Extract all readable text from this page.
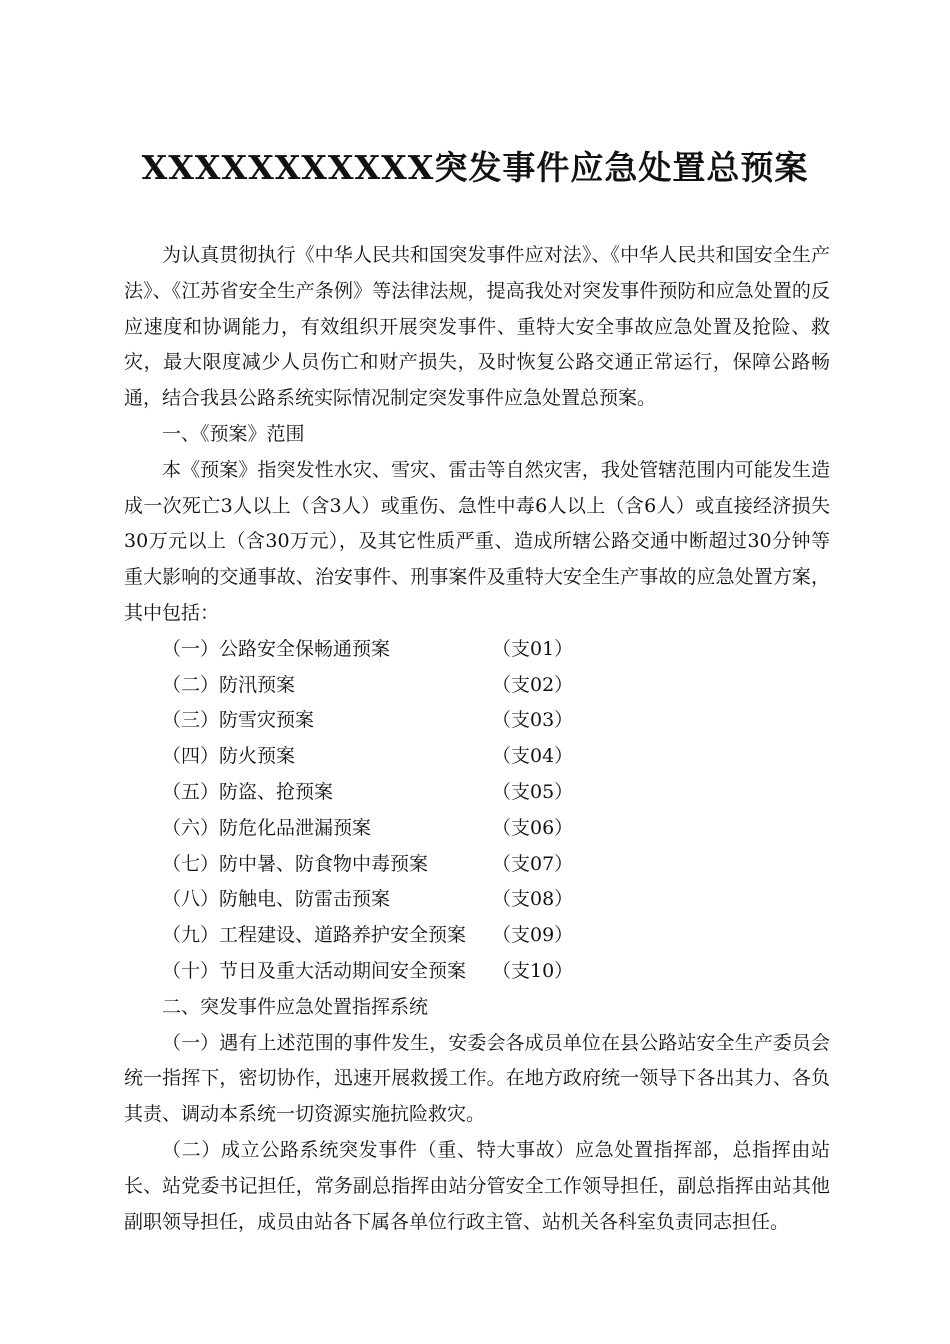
XXXXXXXXXXX突发事件应急处置总预案

为认真贯彻执行《中华人民共和国突发事件应对法》、《中华人民共和国安全生产法》、《江苏省安全生产条例》等法律法规，提高我处对突发事件预防和应急处置的反应速度和协调能力，有效组织开展突发事件、重特大安全事故应急处置及抢险、救灾，最大限度减少人员伤亡和财产损失，及时恢复公路交通正常运行，保障公路畅通，结合我县公路系统实际情况制定突发事件应急处置总预案。

一、《预案》范围

本《预案》指突发性水灾、雪灾、雷击等自然灾害，我处管辖范围内可能发生造成一次死亡3人以上（含3人）或重伤、急性中毒6人以上（含6人）或直接经济损失30万元以上（含30万元），及其它性质严重、造成所辖公路交通中断超过30分钟等重大影响的交通事故、治安事件、刑事案件及重特大安全生产事故的应急处置方案，其中包括：

（一）公路安全保畅通预案	（支01）
（二）防汛预案	（支02）
（三）防雪灾预案	（支03）
（四）防火预案	（支04）
（五）防盗、抢预案	（支05）
（六）防危化品泄漏预案	（支06）
（七）防中暑、防食物中毒预案	（支07）
（八）防触电、防雷击预案	（支08）
（九）工程建设、道路养护安全预案	（支09）
（十）节日及重大活动期间安全预案	（支10）

二、突发事件应急处置指挥系统

（一）遇有上述范围的事件发生，安委会各成员单位在县公路站安全生产委员会统一指挥下，密切协作，迅速开展救援工作。在地方政府统一领导下各出其力、各负其责、调动本系统一切资源实施抗险救灾。

（二）成立公路系统突发事件（重、特大事故）应急处置指挥部，总指挥由站长、站党委书记担任，常务副总指挥由站分管安全工作领导担任，副总指挥由站其他副职领导担任，成员由站各下属各单位行政主管、站机关各科室负责同志担任。
